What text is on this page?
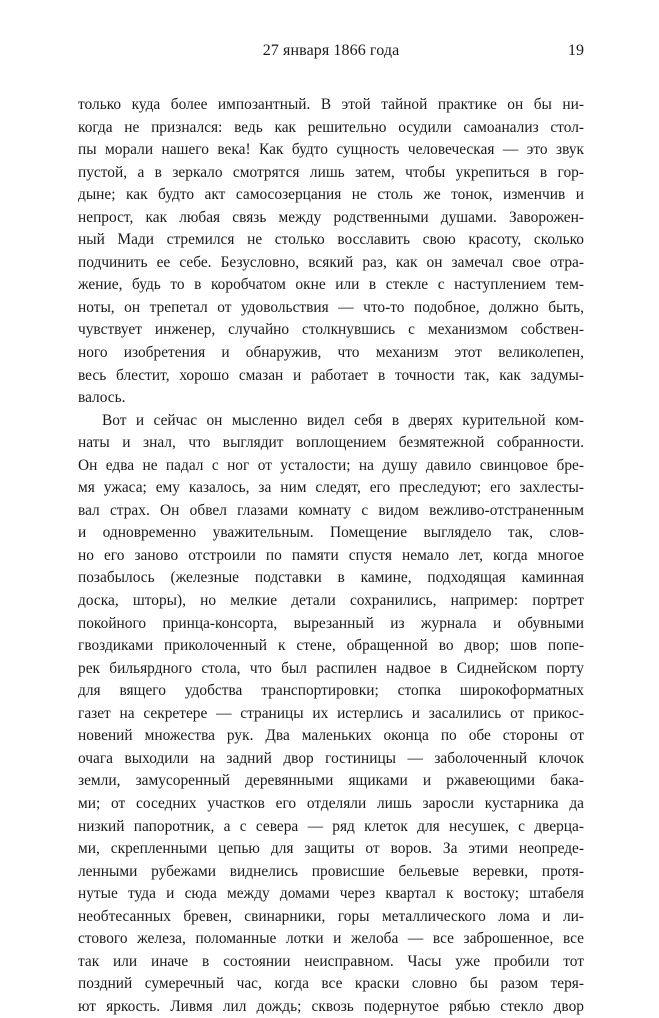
27 января 1866 года	19
только куда более импозантный. В этой тайной практике он бы ни-
когда не признался: ведь как решительно осудили самоанализ стол-
пы морали нашего века! Как будто сущность человеческая — это звук
пустой, а в зеркало смотрятся лишь затем, чтобы укрепиться в гор-
дыне; как будто акт самосозерцания не столь же тонок, изменчив и
непрост, как любая связь между родственными душами. Заворожен-
ный Мади стремился не столько восславить свою красоту, сколько
подчинить ее себе. Безусловно, всякий раз, как он замечал свое отра-
жение, будь то в коробчатом окне или в стекле с наступлением тем-
ноты, он трепетал от удовольствия — что-то подобное, должно быть,
чувствует инженер, случайно столкнувшись с механизмом собствен-
ного изобретения и обнаружив, что механизм этот великолепен,
весь блестит, хорошо смазан и работает в точности так, как задумы-
валось.
Вот и сейчас он мысленно видел себя в дверях курительной ком-
наты и знал, что выглядит воплощением безмятежной собранности.
Он едва не падал с ног от усталости; на душу давило свинцовое бре-
мя ужаса; ему казалось, за ним следят, его преследуют; его захлесты-
вал страх. Он обвел глазами комнату с видом вежливо-отстраненным
и одновременно уважительным. Помещение выглядело так, слов-
но его заново отстроили по памяти спустя немало лет, когда многое
позабылось (железные подставки в камине, подходящая каминная
доска, шторы), но мелкие детали сохранились, например: портрет
покойного принца-консорта, вырезанный из журнала и обувными
гвоздиками приколоченный к стене, обращенной во двор; шов попе-
рек бильярдного стола, что был распилен надвое в Сиднейском порту
для вящего удобства транспортировки; стопка широкоформатных
газет на секретере — страницы их истерлись и засалились от прикос-
новений множества рук. Два маленьких оконца по обе стороны от
очага выходили на задний двор гостиницы — заболоченный клочок
земли, замусоренный деревянными ящиками и ржавеющими бака-
ми; от соседних участков его отделяли лишь заросли кустарника да
низкий папоротник, а с севера — ряд клеток для несушек, с дверца-
ми, скрепленными цепью для защиты от воров. За этими неопреде-
ленными рубежами виднелись провисшие бельевые веревки, протя-
нутые туда и сюда между домами через квартал к востоку; штабеля
необтесанных бревен, свинарники, горы металлического лома и ли-
стового железа, поломанные лотки и желоба — все заброшенное, все
так или иначе в состоянии неисправном. Часы уже пробили тот
поздний сумеречный час, когда все краски словно бы разом теря-
ют яркость. Ливмя лил дождь; сквозь подернутое рябью стекло двор
